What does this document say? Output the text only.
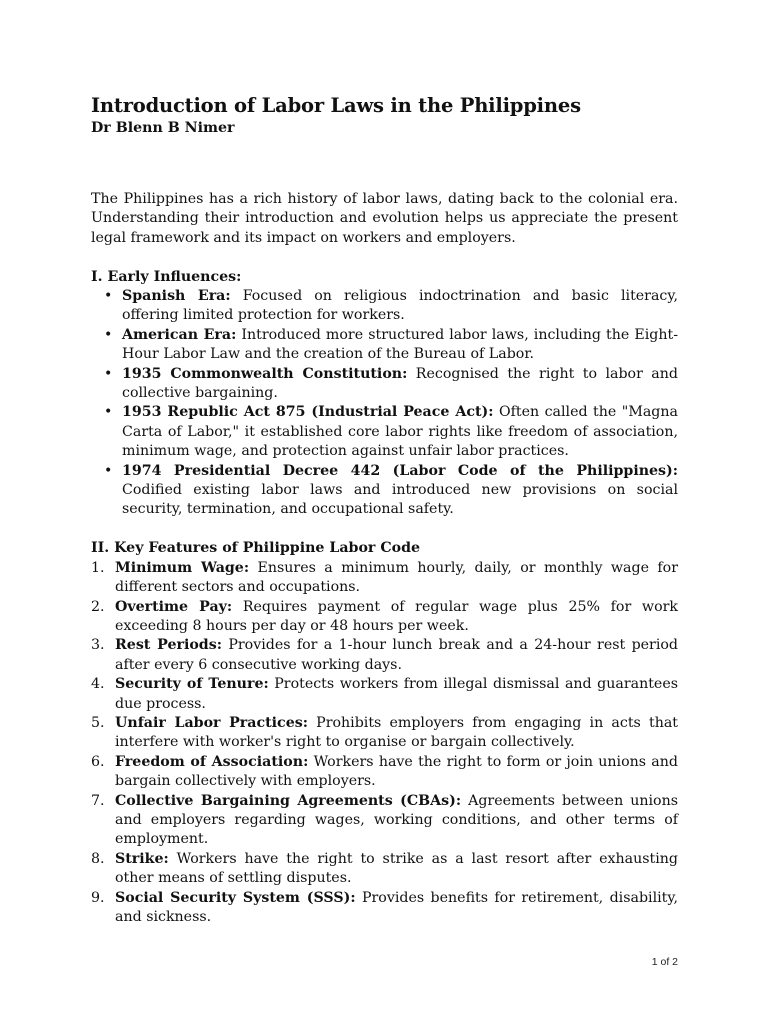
Introduction of Labor Laws in the Philippines
Dr Blenn B Nimer

The Philippines has a rich history of labor laws, dating back to the colonial era. Understanding their introduction and evolution helps us appreciate the present legal framework and its impact on workers and employers.

I. Early Influences:
• Spanish Era: Focused on religious indoctrination and basic literacy, offering limited protection for workers.
• American Era: Introduced more structured labor laws, including the Eight-Hour Labor Law and the creation of the Bureau of Labor.
• 1935 Commonwealth Constitution: Recognised the right to labor and collective bargaining.
• 1953 Republic Act 875 (Industrial Peace Act): Often called the "Magna Carta of Labor," it established core labor rights like freedom of association, minimum wage, and protection against unfair labor practices.
• 1974 Presidential Decree 442 (Labor Code of the Philippines): Codified existing labor laws and introduced new provisions on social security, termination, and occupational safety.
II. Key Features of Philippine Labor Code
1. Minimum Wage: Ensures a minimum hourly, daily, or monthly wage for different sectors and occupations.
2. Overtime Pay: Requires payment of regular wage plus 25% for work exceeding 8 hours per day or 48 hours per week.
3. Rest Periods: Provides for a 1-hour lunch break and a 24-hour rest period after every 6 consecutive working days.
4. Security of Tenure: Protects workers from illegal dismissal and guarantees due process.
5. Unfair Labor Practices: Prohibits employers from engaging in acts that interfere with worker's right to organise or bargain collectively.
6. Freedom of Association: Workers have the right to form or join unions and bargain collectively with employers.
7. Collective Bargaining Agreements (CBAs): Agreements between unions and employers regarding wages, working conditions, and other terms of employment.
8. Strike: Workers have the right to strike as a last resort after exhausting other means of settling disputes.
9. Social Security System (SSS): Provides benefits for retirement, disability, and sickness.
1 of 2
